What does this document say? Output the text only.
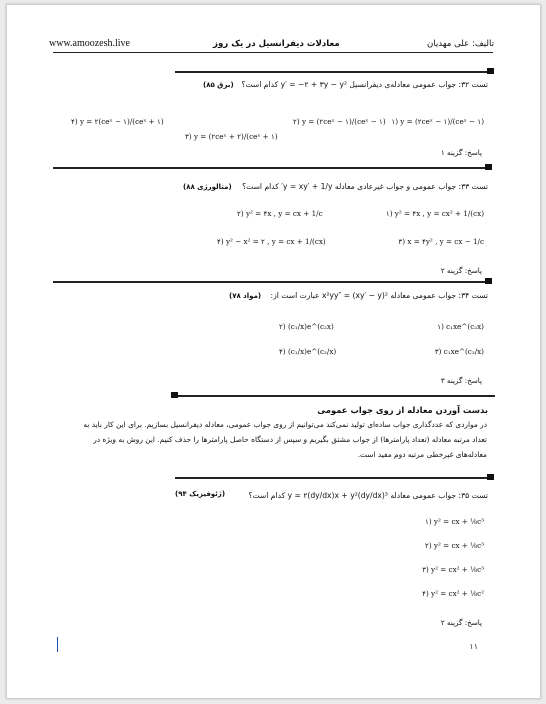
www.amoozesh.live	معادلات دیفرانسیل در یک روز	تالیف: علی مهدیان
تست ۳۲: جواب عمومی معادله‌ی دیفرانسیل y′ = −۲ + ۳y − y² کدام است؟
(برق ۸۵)
۱) y = (۲ceˣ − ۱)/(ceˣ − ۱)
۲) y = (۲ceˣ − ۱)/(ceˣ − ۱)
۳) y = (۲ceˣ + ۲)/(ceˣ + ۱)
۴) y = ۲(ceˣ − ۱)/(ceˣ + ۱)
پاسخ: گزینه ۱
تست ۳۳: جواب عمومی و جواب غیرعادی معادله y = xy′ + 1/y′ کدام است؟
(متالورژی ۸۸)
۱) y² = ۴x , y = cx² + 1/(cx)
۲) y² = ۴x , y = cx + 1/c
۳) x = ۴y² , y = cx − 1/c
۴) y² − x² = ۲ , y = cx + 1/(cx)
پاسخ: گزینه ۲
تست ۳۴: جواب عمومی معادله x²yy″ = (xy′ − y)² عبارت است از:
(مواد ۷۸)
۱) c₁xe^(c₂x)
۲) (c₁/x)e^(c₂x)
۳) c₁xe^(c₂/x)
۴) (c₁/x)e^(c₂/x)
پاسخ: گزینه ۳
بدست آوردن معادله از روی جواب عمومی
در مواردی که عددگذاری جواب ساده‌ای تولید نمی‌کند می‌توانیم از روی جواب عمومی، معادله دیفرانسیل بسازیم. برای این کار باید به تعداد مرتبه معادله (تعداد پارامترها) از جواب مشتق بگیریم و سپس از دستگاه حاصل پارامترها را حذف کنیم. این روش به ویژه در معادله‌های غیرخطی مرتبه دوم مفید است.
تست ۳۵: جواب عمومی معادله y = ۲(dy/dx)x + y²(dy/dx)³ کدام است؟
(ژئوفیزیک ۹۴)
۱) y² = cx + ⅛c³
۲) y² = cx + ⅛c³
۳) y² = cx² + ⅛c³
۴) y² = cx² + ⅛c²
پاسخ: گزینه ۲
۱۱
